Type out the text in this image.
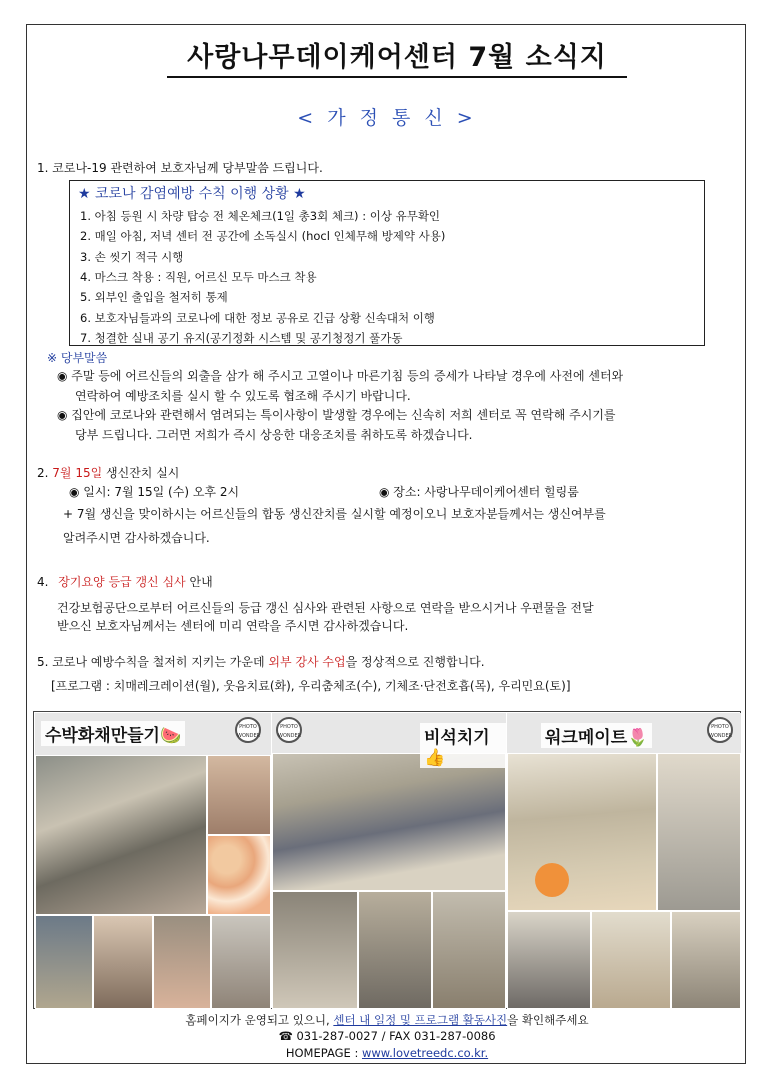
사랑나무데이케어센터 7월 소식지
< 가 정 통 신 >
1. 코로나-19 관련하여 보호자님께 당부말씀 드립니다.
★ 코로나 감염예방 수칙 이행 상황 ★
1. 아침 등원 시 차량 탑승 전 체온체크(1일 총3회 체크) : 이상 유무확인
2. 매일 아침, 저녁 센터 전 공간에 소독실시 (hocl 인체무해 방제약 사용)
3. 손 씻기 적극 시행
4. 마스크 착용 : 직원, 어르신 모두 마스크 착용
5. 외부인 출입을 철저히 통제
6. 보호자님들과의 코로나에 대한 정보 공유로 긴급 상황 신속대처 이행
7. 청결한 실내 공기 유지(공기정화 시스템 및 공기청정기 풀가동
※ 당부말씀
◉ 주말 등에 어르신들의 외출을 삼가 해 주시고 고열이나 마른기침 등의 증세가 나타날 경우에 사전에 센터와
연락하여 예방조치를 실시 할 수 있도록 협조해 주시기 바랍니다.
◉ 집안에 코로나와 관련해서 염려되는 특이사항이 발생할 경우에는 신속히 저희 센터로 꼭 연락해 주시기를
당부 드립니다. 그러면 저희가 즉시 상응한 대응조치를 취하도록 하겠습니다.
2. 7월 15일 생신잔치 실시
◉ 일시: 7월 15일 (수) 오후 2시	◉ 장소: 사랑나무데이케어센터 힐링룸
+ 7월 생신을 맞이하시는 어르신들의 합동 생신잔치를 실시할 예정이오니 보호자분들께서는 생신여부를
알려주시면 감사하겠습니다.
4. 장기요양 등급 갱신 심사 안내
건강보험공단으로부터 어르신들의 등급 갱신 심사와 관련된 사항으로 연락을 받으시거나 우편물을 전달
받으신 보호자님께서는 센터에 미리 연락을 주시면 감사하겠습니다.
5. 코로나 예방수칙을 철저히 지키는 가운데 외부 강사 수업을 정상적으로 진행합니다.
[프로그램 : 치매레크레이션(월), 웃음치료(화), 우리춤체조(수), 기체조·단전호흡(목), 우리민요(토)]
수박화채만들기🍉	PHOTO WONDER
PHOTO WONDER	비석치기👍
워크메이트🌷
PHOTO WONDER
홈페이지가 운영되고 있으니, 센터 내 일정 및 프로그램 활동사진을 확인해주세요
☎ 031-287-0027 / FAX 031-287-0086
HOMEPAGE : www.lovetreedc.co.kr.
